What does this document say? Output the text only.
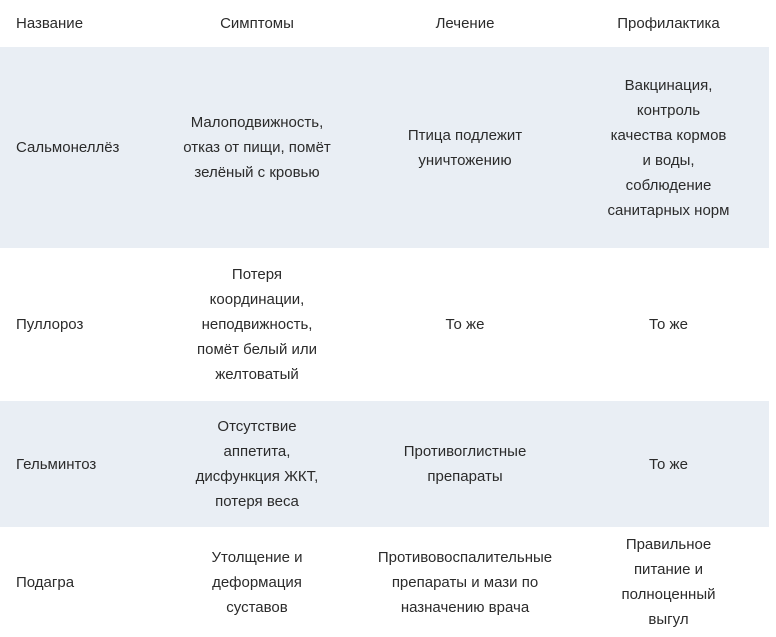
Название	Симптомы	Лечение	Профилактика
Сальмонеллёз	Малоподвижность, отказ от пищи, помёт зелёный с кровью	Птица подлежит уничтожению	Вакцинация, контроль качества кормов и воды, соблюдение санитарных норм
Пуллороз	Потеря координации, неподвижность, помёт белый или желтоватый	То же	То же
Гельминтоз	Отсутствие аппетита, дисфункция ЖКТ, потеря веса	Противоглистные препараты	То же
Подагра	Утолщение и деформация суставов	Противовоспалительные препараты и мази по назначению врача	Правильное питание и полноценный выгул
